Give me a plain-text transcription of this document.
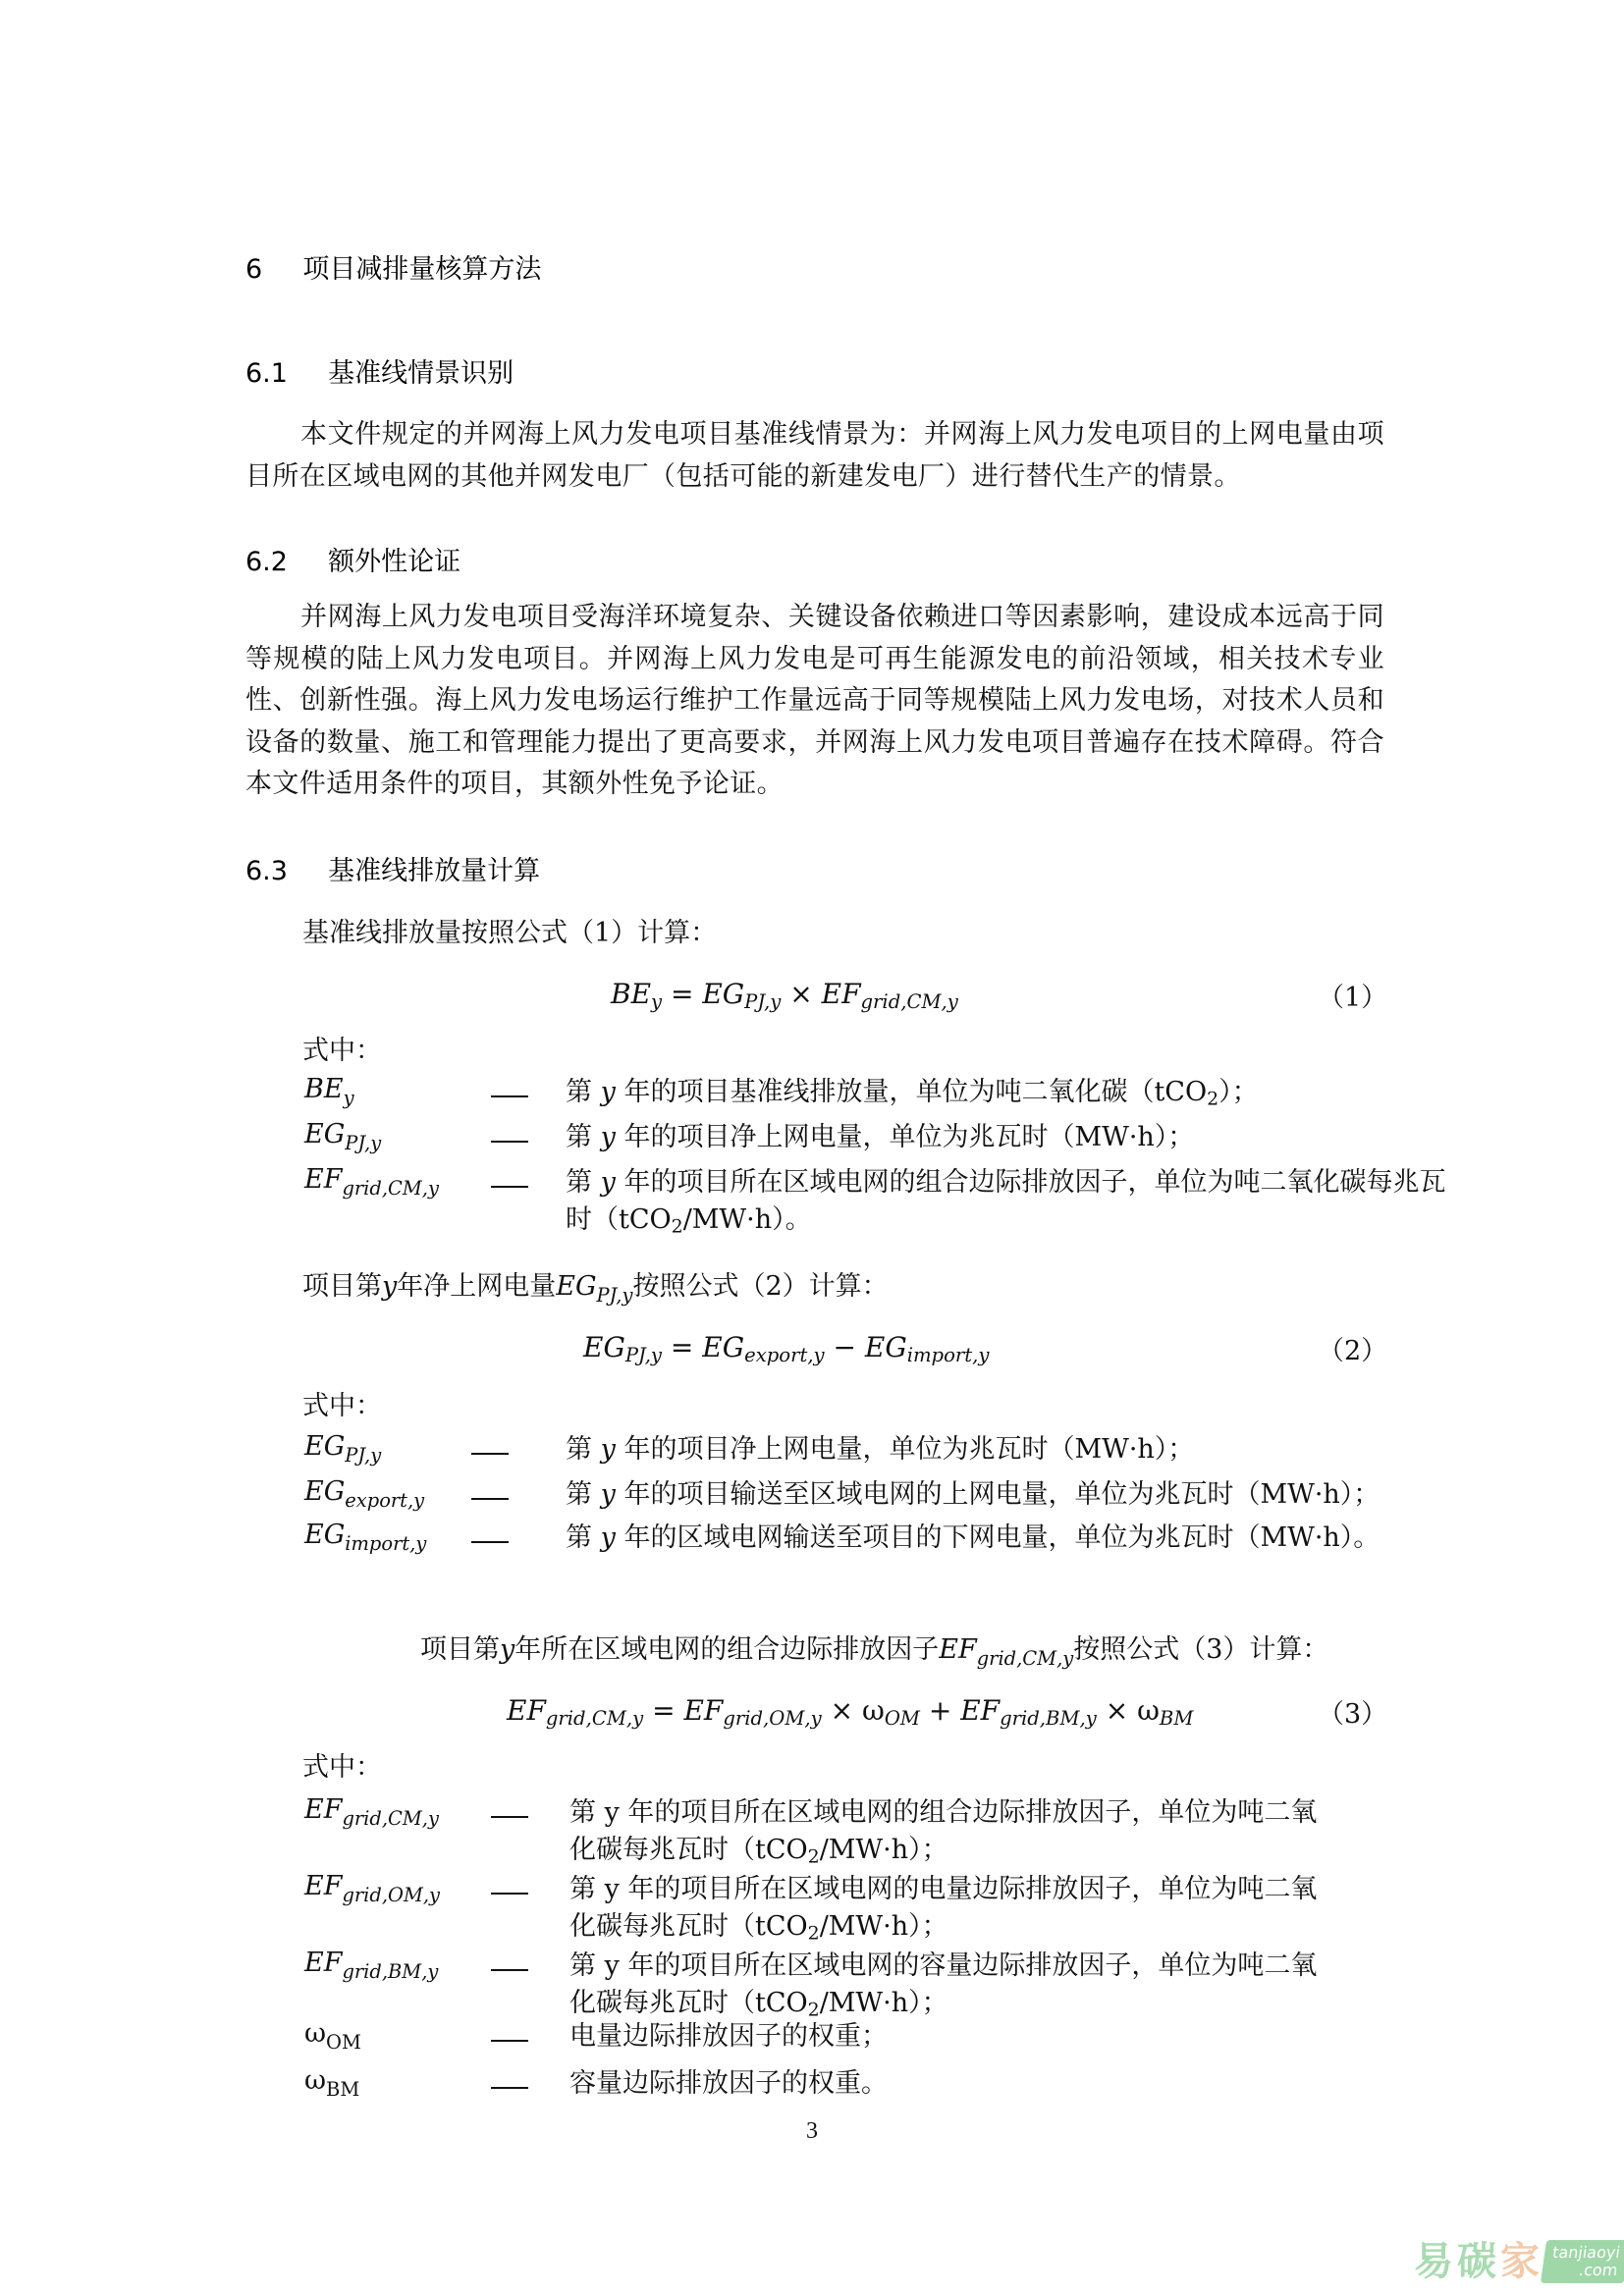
6 项目减排量核算方法
6.1 基准线情景识别
本文件规定的并网海上风力发电项目基准线情景为：并网海上风力发电项目的上网电量由项目所在区域电网的其他并网发电厂（包括可能的新建发电厂）进行替代生产的情景。
6.2 额外性论证
并网海上风力发电项目受海洋环境复杂、关键设备依赖进口等因素影响，建设成本远高于同等规模的陆上风力发电项目。并网海上风力发电是可再生能源发电的前沿领域，相关技术专业性、创新性强。海上风力发电场运行维护工作量远高于同等规模陆上风力发电场，对技术人员和设备的数量、施工和管理能力提出了更高要求，并网海上风力发电项目普遍存在技术障碍。符合本文件适用条件的项目，其额外性免予论证。
6.3 基准线排放量计算
基准线排放量按照公式（1）计算：
$BE_y = EG_{PJ,y} \times EF_{grid,CM,y}$	（1）
式中：
$BE_y$	第 y 年的项目基准线排放量，单位为吨二氧化碳（tCO$_2$）；
$EG_{PJ,y}$	第 y 年的项目净上网电量，单位为兆瓦时（MW·h）；
$EF_{grid,CM,y}$	第 y 年的项目所在区域电网的组合边际排放因子，单位为吨二氧化碳每兆瓦时（tCO$_2$/MW·h）。
项目第y年净上网电量$EG_{PJ,y}$按照公式（2）计算：
$EG_{PJ,y} = EG_{export,y} - EG_{import,y}$	（2）
式中：
$EG_{PJ,y}$	第 y 年的项目净上网电量，单位为兆瓦时（MW·h）；
$EG_{export,y}$	第 y 年的项目输送至区域电网的上网电量，单位为兆瓦时（MW·h）；
$EG_{import,y}$	第 y 年的区域电网输送至项目的下网电量，单位为兆瓦时（MW·h）。
项目第y年所在区域电网的组合边际排放因子$EF_{grid,CM,y}$按照公式（3）计算：
$EF_{grid,CM,y} = EF_{grid,OM,y} \times \omega_{OM} + EF_{grid,BM,y} \times \omega_{BM}$	（3）
式中：
$EF_{grid,CM,y}$	第 y 年的项目所在区域电网的组合边际排放因子，单位为吨二氧
化碳每兆瓦时（tCO$_2$/MW·h）；
$EF_{grid,OM,y}$	第 y 年的项目所在区域电网的电量边际排放因子，单位为吨二氧
化碳每兆瓦时（tCO$_2$/MW·h）；
$EF_{grid,BM,y}$	第 y 年的项目所在区域电网的容量边际排放因子，单位为吨二氧
化碳每兆瓦时（tCO$_2$/MW·h）；
$\omega_{OM}$	电量边际排放因子的权重；
$\omega_{BM}$	容量边际排放因子的权重。
3
易 碳 家 tanjiaoyi
.com
